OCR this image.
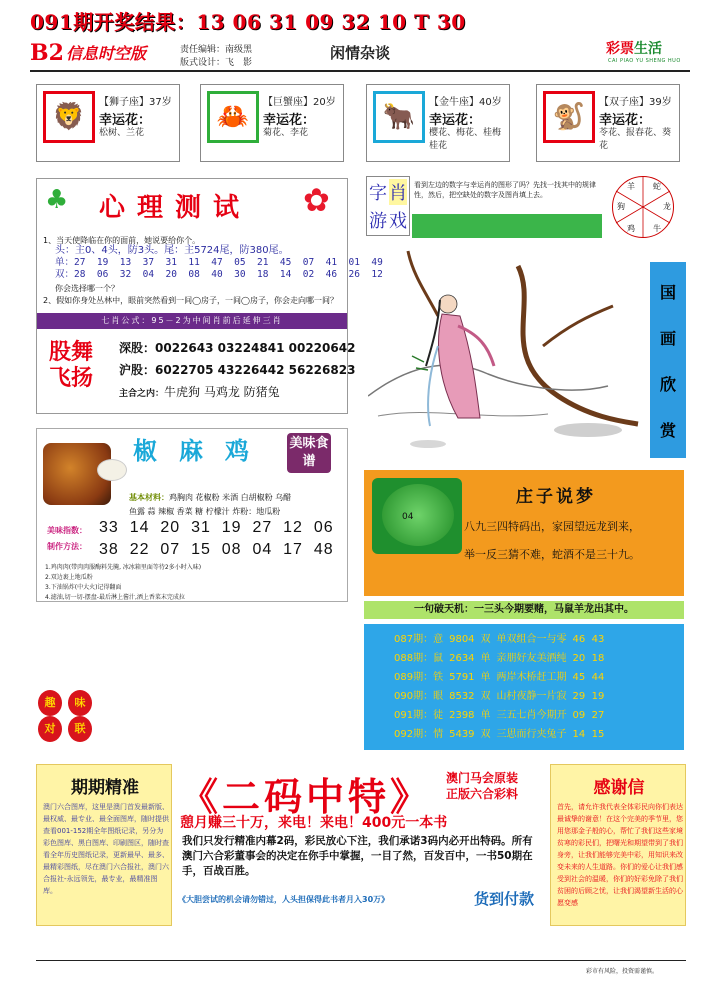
091期开奖结果：13 06 31 09 32 10 T 30
B2 信息时空版	责任编辑：南级黑
版式设计：飞　影
闲情杂谈	彩票生活
CAI PIAO YU SHENG HUO
🦁	【狮子座】37岁
幸运花：
松树、兰花
🦀	【巨蟹座】20岁
幸运花：
菊花、李花
🐂	【金牛座】40岁
幸运花：
樱花、梅花、桂梅桂花
🐒	【双子座】39岁
幸运花：
苓花、报春花、葵花
♣ 心理测试 ✿
1、当天使降临在你的面前，她说要给你个。
头：主0、4头，防3头。尾：主5724尾，防380尾。
单：27  19  13  37  31  11  47  05  21  45  07  41  01  49
双：28  06  32  04  20  08  40  30  18  14  02  46  26  12
你会选择哪一个？
2、假如你身处丛林中，眼前突然看到一间◯房子，一间◯房子，你会走向哪一间？
七肖公式：95－2为中间肖前后延伸三肖
股舞飞扬
深股：0022643 03224841 00220642
沪股：6022705 43226442 56226823
主合之内：牛虎狗 马鸡龙 防猪兔
椒麻鸡 美味食谱
基本材料：鸡胸肉 花椒粉 米酒 白胡椒粉 乌醋
鱼露 蒜 辣椒 香菜 糖 柠檬汁 炸粉：地瓜粉
美味指数： 33  14  20  31  19  27  12  06
制作方法： 38  22  07  15  08  04  17  48
1.鸡肉肉(带肉肉服酶料先腌, 冰冰箱里面等待2多小时入味)
2.双边裹上地瓜粉
3.下油锅炸(中大火)记得翻面
4.滤油,切一切-摆盘-最后淋上酱汁,洒上香菜末完成拉
趣	味
对	联
字 肖
游 戏
看到左边的数字与幸运肖的图形了吗？先找一找其中的规律性，然后，把空缺处的数字及图肖填上去。
羊 蛇
狗	龙
鸡 牛
国
画
欣
赏
04
庄子说梦
八九三四特码出，家园望远龙到来，
举一反三猜不难，蛇酒不是三十九。
一句破天机：一三头今期要赌，马鼠羊龙出其中。
087期：意 9804 双 单双组合一与零 46  43
088期：鼠 2634 单 亲朋好友美酒纯 20  18
089期：铁 5791 单 两岸木桥赶工期 45  44
090期：眼 8532 双 山村夜静一片寂 29  19
091期：徒 2398 单 三五七肖今期开 09  27
092期：情 5439 双 三思而行夹兔子 14  15
期期精准
澳门六合图库，这里是澳门首发最新版、最权威、最专业、最全面图库，随时提供查看001-152期全年图纸记录，另分为彩色图库、黑白图库、印刷图区，随时查看全年历史图纸记录，更新最早、最多、最精彩图纸，尽在澳门六合报社，澳门六合报社-永远领先，最专业，最精准图库。
《二码中特》 澳门马会原装
正版六合彩料
憩月赚三十万，来电！来电！400元一本书
我们只发行精准内幕2码，彩民放心下注，我们承诺3码内必开出特码。所有澳门六合彩董事会的决定在你手中掌握，一目了然，百发百中，一书50期在手，百战百胜。
《大胆尝试的机会请勿错过，人头担保得此书者月入30万》	货到付款
感谢信
首先，请允许我代表全体彩民向你们表达最诚挚的谢意！在这个完美的季节里，您用您那金子般的心，帮忙了我们这些家境贫寒的彩民们，把曙光和期望带到了我们身旁，让我们能够完美中彩，用知识来改变未来的人生道路。你们的爱心让我们感受到社会的温暖，你们的好彩免除了我们贫困的后顾之忧，让我们渴望新生活的心愿变感
彩市有风险，投资需谨慎。
